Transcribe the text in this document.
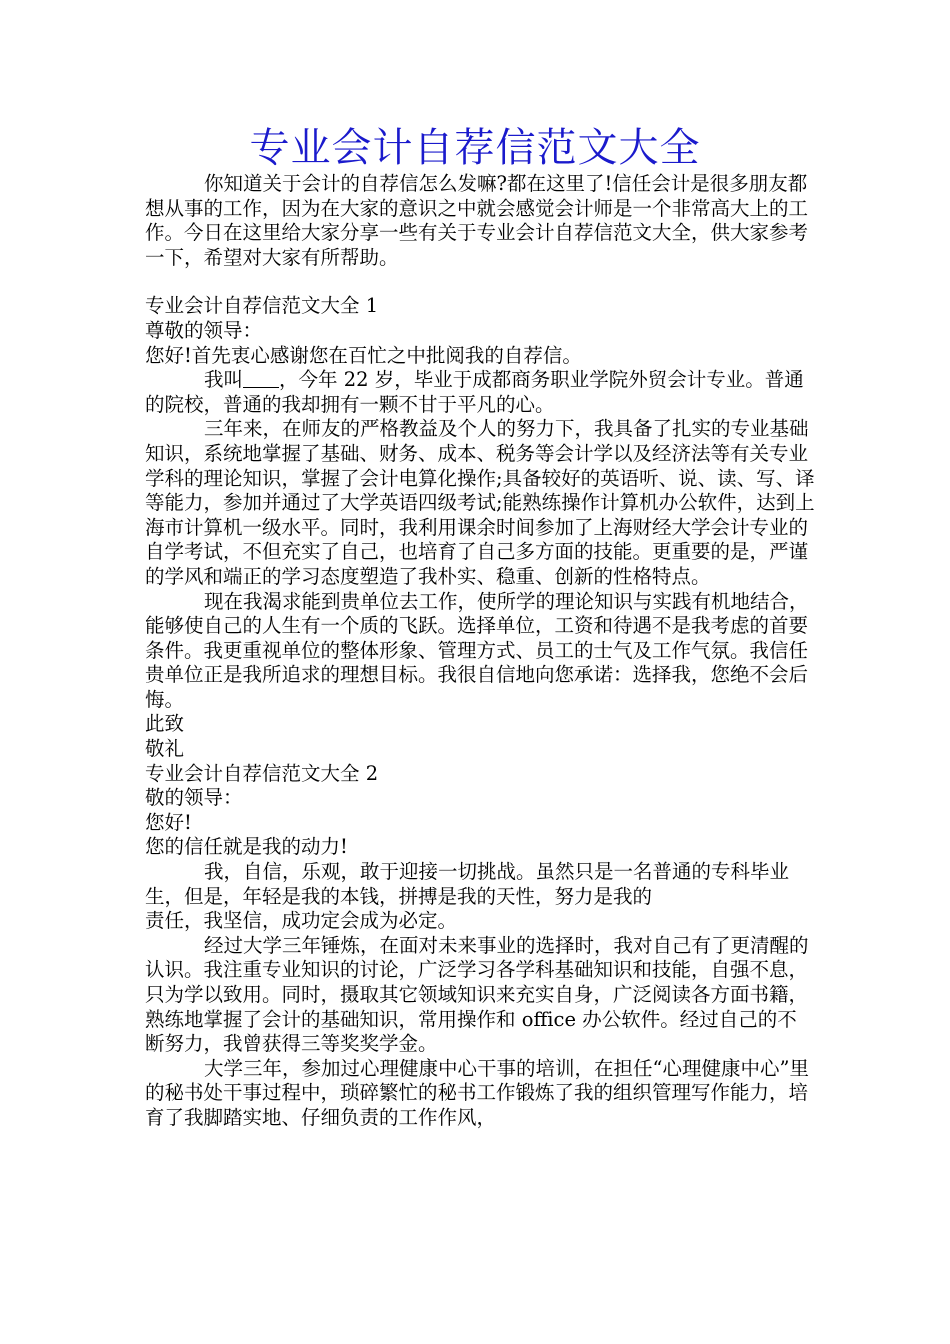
专业会计自荐信范文大全

你知道关于会计的自荐信怎么发嘛?都在这里了!信任会计是很多朋友都想从事的工作，因为在大家的意识之中就会感觉会计师是一个非常高大上的工作。今日在这里给大家分享一些有关于专业会计自荐信范文大全，供大家参考一下，希望对大家有所帮助。

专业会计自荐信范文大全 1

尊敬的领导：

您好!首先衷心感谢您在百忙之中批阅我的自荐信。

我叫 ，今年 22 岁，毕业于成都商务职业学院外贸会计专业。普通的院校，普通的我却拥有一颗不甘于平凡的心。

三年来，在师友的严格教益及个人的努力下，我具备了扎实的专业基础知识，系统地掌握了基础、财务、成本、税务等会计学以及经济法等有关专业学科的理论知识，掌握了会计电算化操作;具备较好的英语听、说、读、写、译等能力，参加并通过了大学英语四级考试;能熟练操作计算机办公软件，达到上海市计算机一级水平。同时，我利用课余时间参加了上海财经大学会计专业的自学考试，不但充实了自己，也培育了自己多方面的技能。更重要的是，严谨的学风和端正的学习态度塑造了我朴实、稳重、创新的性格特点。

现在我渴求能到贵单位去工作，使所学的理论知识与实践有机地结合，能够使自己的人生有一个质的飞跃。选择单位，工资和待遇不是我考虑的首要条件。我更重视单位的整体形象、管理方式、员工的士气及工作气氛。我信任贵单位正是我所追求的理想目标。我很自信地向您承诺：选择我，您绝不会后悔。

此致

敬礼

专业会计自荐信范文大全 2

敬的领导：

您好!

您的信任就是我的动力!

我，自信，乐观，敢于迎接一切挑战。虽然只是一名普通的专科毕业生，但是，年轻是我的本钱，拼搏是我的天性，努力是我的

责任，我坚信，成功定会成为必定。

经过大学三年锤炼，在面对未来事业的选择时，我对自己有了更清醒的认识。我注重专业知识的讨论，广泛学习各学科基础知识和技能，自强不息，只为学以致用。同时，摄取其它领域知识来充实自身，广泛阅读各方面书籍，熟练地掌握了会计的基础知识，常用操作和 office 办公软件。经过自己的不断努力，我曾获得三等奖奖学金。

大学三年，参加过心理健康中心干事的培训，在担任“心理健康中心”里的秘书处干事过程中，琐碎繁忙的秘书工作锻炼了我的组织管理写作能力，培育了我脚踏实地、仔细负责的工作作风，
